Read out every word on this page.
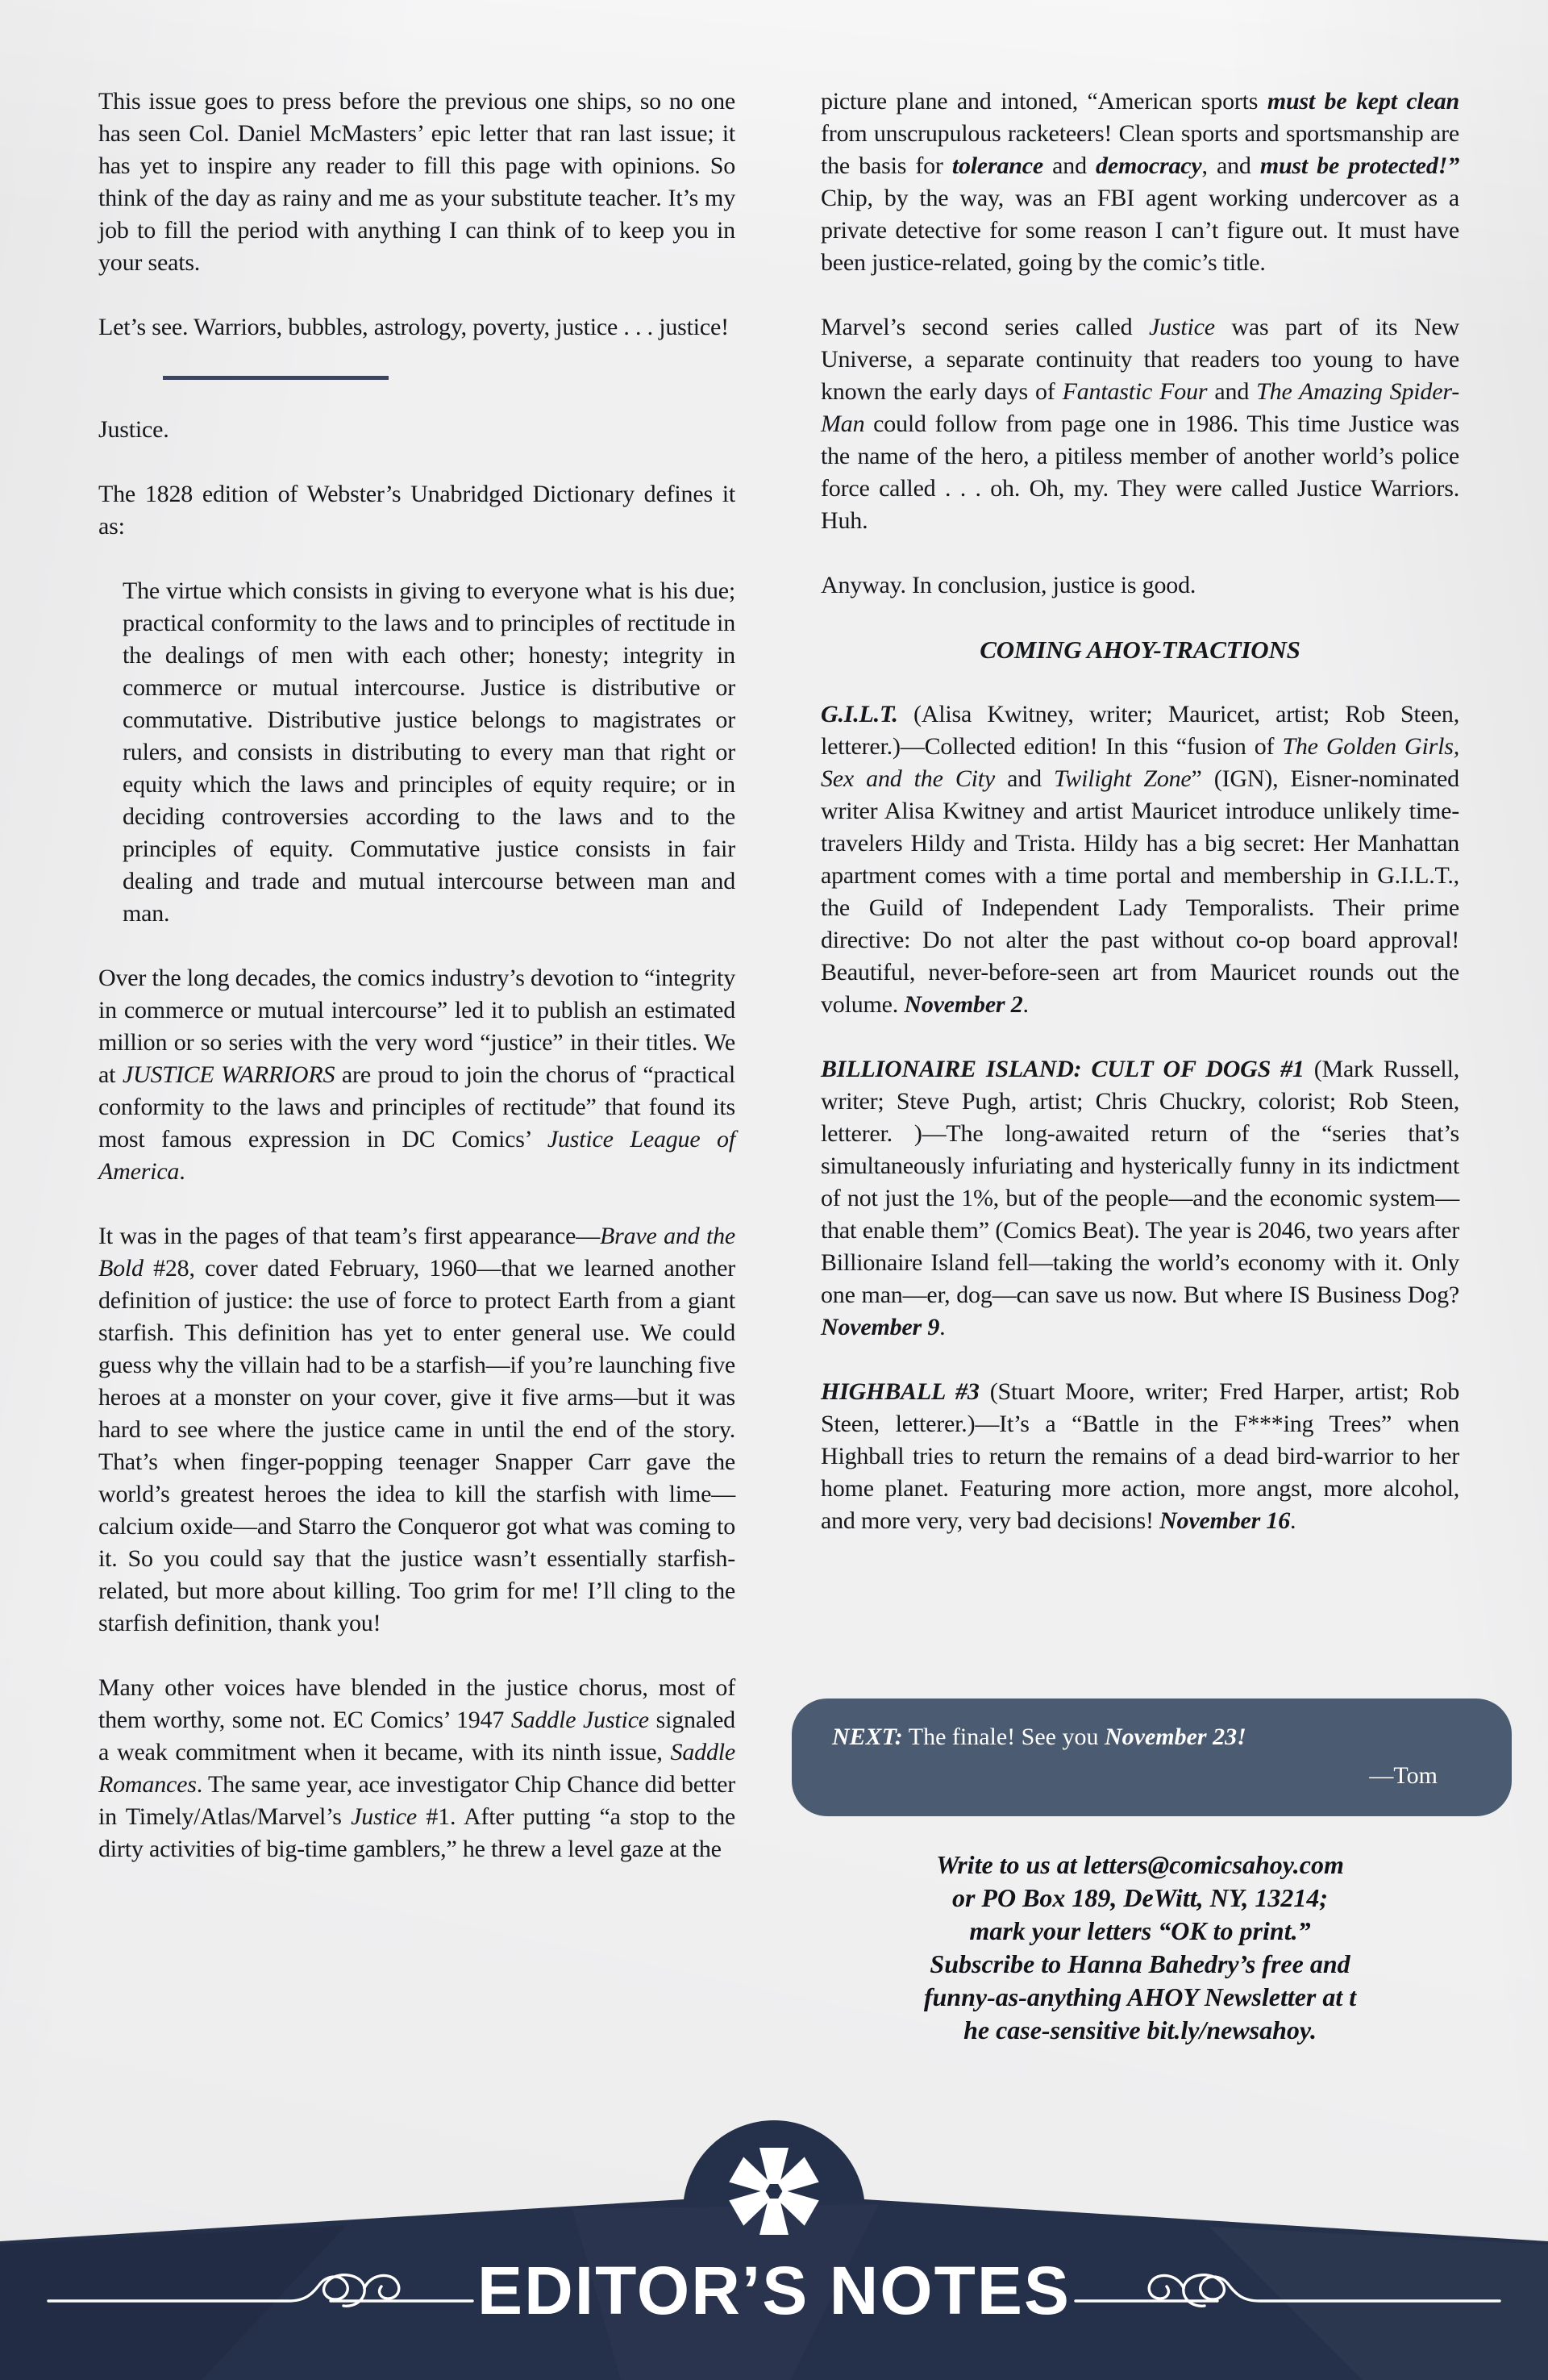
This issue goes to press before the previous one ships, so no one has seen Col. Daniel McMasters’ epic letter that ran last issue; it has yet to inspire any reader to fill this page with opinions. So think of the day as rainy and me as your substitute teacher. It’s my job to fill the period with anything I can think of to keep you in your seats.

Let’s see. Warriors, bubbles, astrology, poverty, justice . . . justice!

Justice.

The 1828 edition of Webster’s Unabridged Dictionary defines it as:

The virtue which consists in giving to everyone what is his due; practical conformity to the laws and to principles of rectitude in the dealings of men with each other; honesty; integrity in commerce or mutual intercourse. Justice is distributive or commutative. Distributive justice belongs to magistrates or rulers, and consists in distributing to every man that right or equity which the laws and principles of equity require; or in deciding controversies according to the laws and to the principles of equity. Commutative justice consists in fair dealing and trade and mutual intercourse between man and man.

Over the long decades, the comics industry’s devotion to “integrity in commerce or mutual intercourse” led it to publish an estimated million or so series with the very word “justice” in their titles. We at JUSTICE WARRIORS are proud to join the chorus of “practical conformity to the laws and principles of rectitude” that found its most famous expression in DC Comics’ Justice League of America.

It was in the pages of that team’s first appearance—Brave and the Bold #28, cover dated February, 1960—that we learned another definition of justice: the use of force to protect Earth from a giant starfish. This definition has yet to enter general use. We could guess why the villain had to be a starfish—if you’re launching five heroes at a monster on your cover, give it five arms—but it was hard to see where the justice came in until the end of the story. That’s when finger-popping teenager Snapper Carr gave the world’s greatest heroes the idea to kill the starfish with lime—calcium oxide—and Starro the Conqueror got what was coming to it. So you could say that the justice wasn’t essentially starfish-related, but more about killing. Too grim for me! I’ll cling to the starfish definition, thank you!

Many other voices have blended in the justice chorus, most of them worthy, some not. EC Comics’ 1947 Saddle Justice signaled a weak commitment when it became, with its ninth issue, Saddle Romances. The same year, ace investigator Chip Chance did better in Timely/Atlas/Marvel’s Justice #1. After putting “a stop to the dirty activities of big-time gamblers,” he threw a level gaze at the

picture plane and intoned, “American sports must be kept clean from unscrupulous racketeers! Clean sports and sportsmanship are the basis for tolerance and democracy, and must be protected!” Chip, by the way, was an FBI agent working undercover as a private detective for some reason I can’t figure out. It must have been justice-related, going by the comic’s title.

Marvel’s second series called Justice was part of its New Universe, a separate continuity that readers too young to have known the early days of Fantastic Four and The Amazing Spider-Man could follow from page one in 1986. This time Justice was the name of the hero, a pitiless member of another world’s police force called . . . oh. Oh, my. They were called Justice Warriors. Huh.

Anyway. In conclusion, justice is good.

COMING AHOY-TRACTIONS

G.I.L.T. (Alisa Kwitney, writer; Mauricet, artist; Rob Steen, letterer.)—Collected edition! In this “fusion of The Golden Girls, Sex and the City and Twilight Zone” (IGN), Eisner-nominated writer Alisa Kwitney and artist Mauricet introduce unlikely time-travelers Hildy and Trista. Hildy has a big secret: Her Manhattan apartment comes with a time portal and membership in G.I.L.T., the Guild of Independent Lady Temporalists. Their prime directive: Do not alter the past without co-op board approval! Beautiful, never-before-seen art from Mauricet rounds out the volume. November 2.

BILLIONAIRE ISLAND: CULT OF DOGS #1 (Mark Russell, writer; Steve Pugh, artist; Chris Chuckry, colorist; Rob Steen, letterer. )—The long-awaited return of the “series that’s simultaneously infuriating and hysterically funny in its indictment of not just the 1%, but of the people—and the economic system—that enable them” (Comics Beat). The year is 2046, two years after Billionaire Island fell—taking the world’s economy with it. Only one man—er, dog—can save us now. But where IS Business Dog? November 9.

HIGHBALL #3 (Stuart Moore, writer; Fred Harper, artist; Rob Steen, letterer.)—It’s a “Battle in the F***ing Trees” when Highball tries to return the remains of a dead bird-warrior to her home planet. Featuring more action, more angst, more alcohol, and more very, very bad decisions! November 16.

NEXT: The finale! See you November 23!

—Tom

Write to us at letters@comicsahoy.com
or PO Box 189, DeWitt, NY, 13214;
mark your letters “OK to print.”
Subscribe to Hanna Bahedry’s free and
funny-as-anything AHOY Newsletter at t
he case-sensitive bit.ly/newsahoy.
EDITOR’S NOTES
